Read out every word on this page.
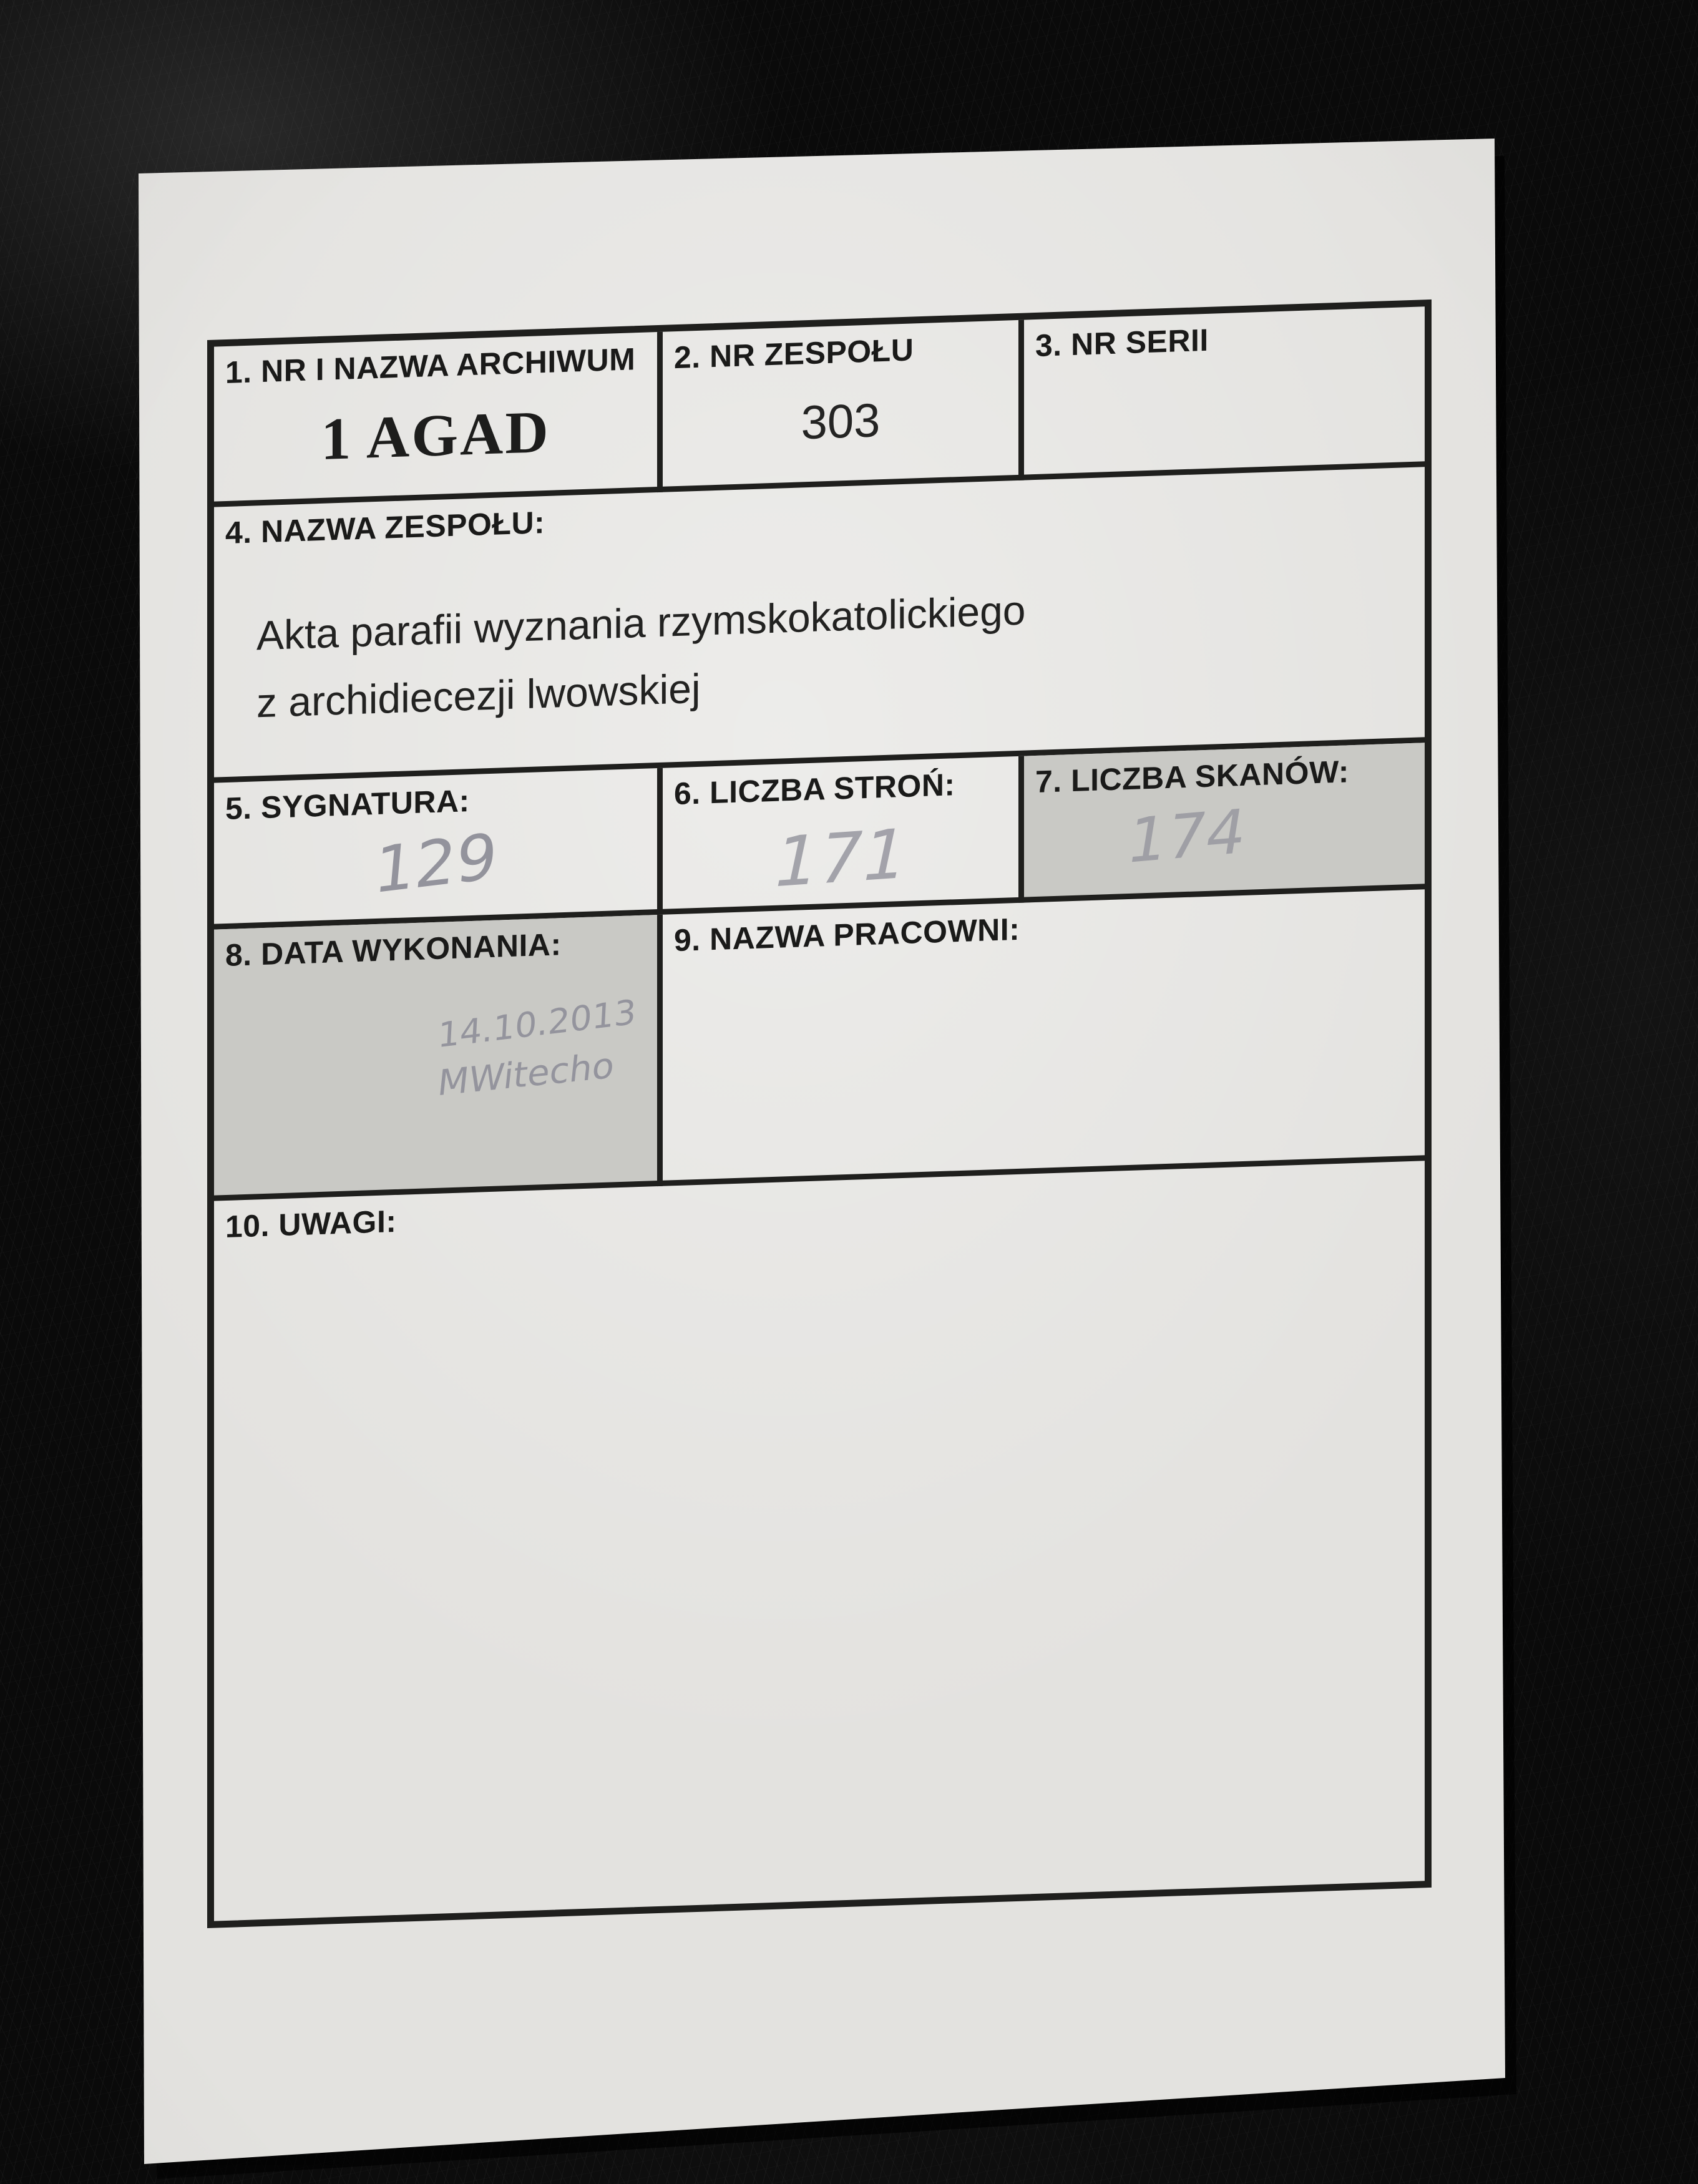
1. NR I NAZWA ARCHIWUM
1 AGAD
2. NR ZESPOŁU
303
3. NR SERII
4. NAZWA ZESPOŁU:
Akta parafii wyznania rzymskokatolickiego
z archidiecezji lwowskiej
5. SYGNATURA:
129
6. LICZBA STROŃ:
171
7. LICZBA SKANÓW:
174
8. DATA WYKONANIA:
14.10.2013
MWitecho
9. NAZWA PRACOWNI:
10. UWAGI:
